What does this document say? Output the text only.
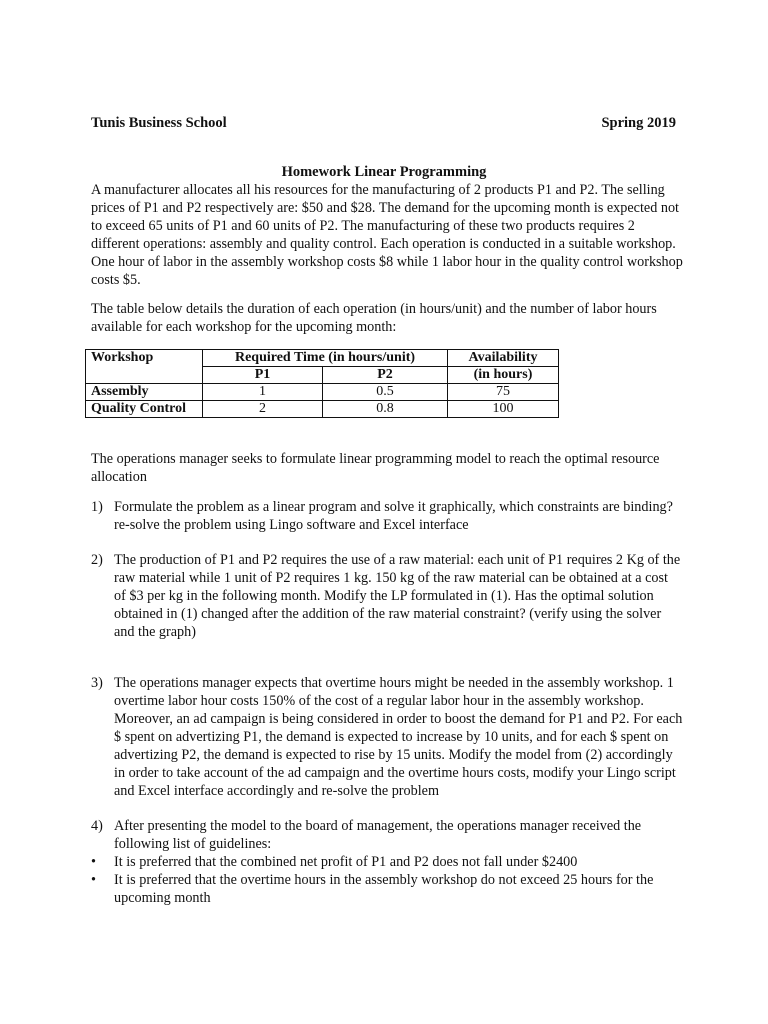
Tunis Business School	Spring 2019
Homework Linear Programming

A manufacturer allocates all his resources for the manufacturing of 2 products P1 and P2. The selling prices of P1 and P2 respectively are: $50 and $28. The demand for the upcoming month is expected not to exceed 65 units of P1 and 60 units of P2. The manufacturing of these two products requires 2 different operations: assembly and quality control. Each operation is conducted in a suitable workshop. One hour of labor in the assembly workshop costs $8 while 1 labor hour in the quality control workshop costs $5.

The table below details the duration of each operation (in hours/unit) and the number of labor hours available for each workshop for the upcoming month:

Workshop	Required Time (in hours/unit)		Availability
	P1	P2	(in hours)
Assembly	1	0.5	75
Quality Control	2	0.8	100

The operations manager seeks to formulate linear programming model to reach the optimal resource allocation

1) Formulate the problem as a linear program and solve it graphically, which constraints are binding? re-solve the problem using Lingo software and Excel interface
2) The production of P1 and P2 requires the use of a raw material: each unit of P1 requires 2 Kg of the raw material while 1 unit of P2 requires 1 kg. 150 kg of the raw material can be obtained at a cost of $3 per kg in the following month. Modify the LP formulated in (1). Has the optimal solution obtained in (1) changed after the addition of the raw material constraint? (verify using the solver and the graph)
3) The operations manager expects that overtime hours might be needed in the assembly workshop. 1 overtime labor hour costs 150% of the cost of a regular labor hour in the assembly workshop. Moreover, an ad campaign is being considered in order to boost the demand for P1 and P2. For each $ spent on advertizing P1, the demand is expected to increase by 10 units, and for each $ spent on advertizing P2, the demand is expected to rise by 15 units. Modify the model from (2) accordingly in order to take account of the ad campaign and the overtime hours costs, modify your Lingo script and Excel interface accordingly and re-solve the problem
4) After presenting the model to the board of management, the operations manager received the following list of guidelines:
• It is preferred that the combined net profit of P1 and P2 does not fall under $2400
• It is preferred that the overtime hours in the assembly workshop do not exceed 25 hours for the upcoming month
